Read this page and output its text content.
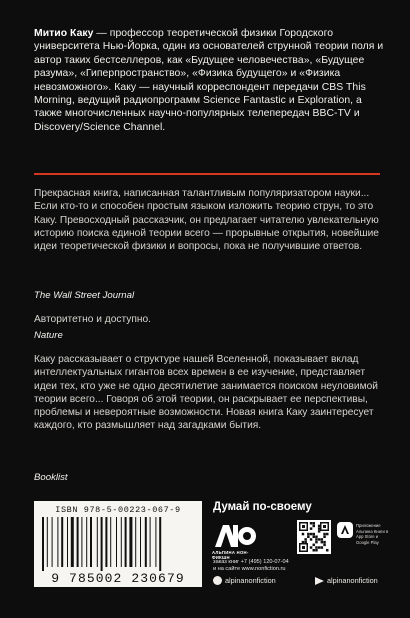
Митио Каку — профессор теоретической физики Городского университета Нью-Йорка, один из основателей струнной теории поля и автор таких бестселлеров, как «Будущее человечества», «Будущее разума», «Гиперпространство», «Физика будущего» и «Физика невозможного». Каку — научный корреспондент передачи CBS This Morning, ведущий радиопрограмм Science Fantastic и Exploration, а также многочисленных научно-популярных телепередач BBC-TV и Discovery/Science Channel.
Прекрасная книга, написанная талантливым популяризатором науки... Если кто-то и способен простым языком изложить теорию струн, то это Каку. Превосходный рассказчик, он предлагает читателю увлекательную историю поиска единой теории всего — прорывные открытия, новейшие идеи теоретической физики и вопросы, пока не получившие ответов.
The Wall Street Journal
Авторитетно и доступно.
Nature
Каку рассказывает о структуре нашей Вселенной, показывает вклад интеллектуальных гигантов всех времен в ее изучение, представляет идеи тех, кто уже не одно десятилетие занимается поиском неуловимой теории всего... Говоря об этой теории, он раскрывает ее перспективы, проблемы и невероятные возможности. Новая книга Каку заинтересует каждого, кто размышляет над загадками бытия.
Booklist
ISBN 978-5-00223-067-9
9 785002 230679
Думай по-своему
АЛЬПИНА НОН-ФИКШН
заказ книг +7 (495) 120-07-04
и на сайте www.nonfiction.ru
Приложение Альпина Книги в App Store и Google Play
alpinanonfiction	alpinanonfiction
